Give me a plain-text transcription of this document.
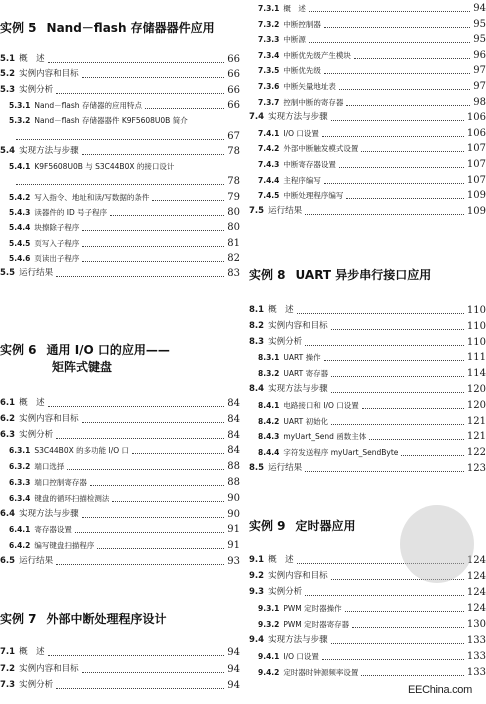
实例 5 Nand－flash 存储器器件应用
5.1 概　述	66
5.2 实例内容和目标	66
5.3 实例分析	66
5.3.1 Nand－flash 存储器的应用特点	66
5.3.2 Nand－flash 存储器器件 K9F5608U0B 简介
67
5.4 实现方法与步骤	78
5.4.1 K9F5608U0B 与 S3C44B0X 的接口设计
78
5.4.2 写入指令、地址和读/写数据的条件	79
5.4.3 读器件的 ID 号子程序	80
5.4.4 块擦除子程序	80
5.4.5 页写入子程序	81
5.4.6 页读出子程序	82
5.5 运行结果	83
实例 6 通用 I/O 口的应用——
矩阵式键盘
6.1 概　述	84
6.2 实例内容和目标	84
6.3 实例分析	84
6.3.1 S3C44B0X 的多功能 I/O 口	84
6.3.2 端口选择	88
6.3.3 端口控制寄存器	88
6.3.4 键盘的循环扫描检测法	90
6.4 实现方法与步骤	90
6.4.1 寄存器设置	91
6.4.2 编写键盘扫描程序	91
6.5 运行结果	93
实例 7 外部中断处理程序设计
7.1 概　述	94
7.2 实例内容和目标	94
7.3 实例分析	94
7.3.1 概　述	94
7.3.2 中断控制器	95
7.3.3 中断源	95
7.3.4 中断优先级产生模块	96
7.3.5 中断优先级	97
7.3.6 中断矢量地址表	97
7.3.7 控制中断的寄存器	98
7.4 实现方法与步骤	106
7.4.1 I/O 口设置	106
7.4.2 外部中断触发模式设置	107
7.4.3 中断寄存器设置	107
7.4.4 主程序编写	107
7.4.5 中断处理程序编写	109
7.5 运行结果	109
实例 8 UART 异步串行接口应用
8.1 概　述	110
8.2 实例内容和目标	110
8.3 实例分析	110
8.3.1 UART 操作	111
8.3.2 UART 寄存器	114
8.4 实现方法与步骤	120
8.4.1 电路接口和 I/O 口设置	120
8.4.2 UART 初始化	121
8.4.3 myUart_Send 函数主体	121
8.4.4 字符发送程序 myUart_SendByte	122
8.5 运行结果	123
实例 9 定时器应用
9.1 概　述	124
9.2 实例内容和目标	124
9.3 实例分析	124
9.3.1 PWM 定时器操作	124
9.3.2 PWM 定时器寄存器	130
9.4 实现方法与步骤	133
9.4.1 I/O 口设置	133
9.4.2 定时器时钟源频率设置	133
EEChina.com
